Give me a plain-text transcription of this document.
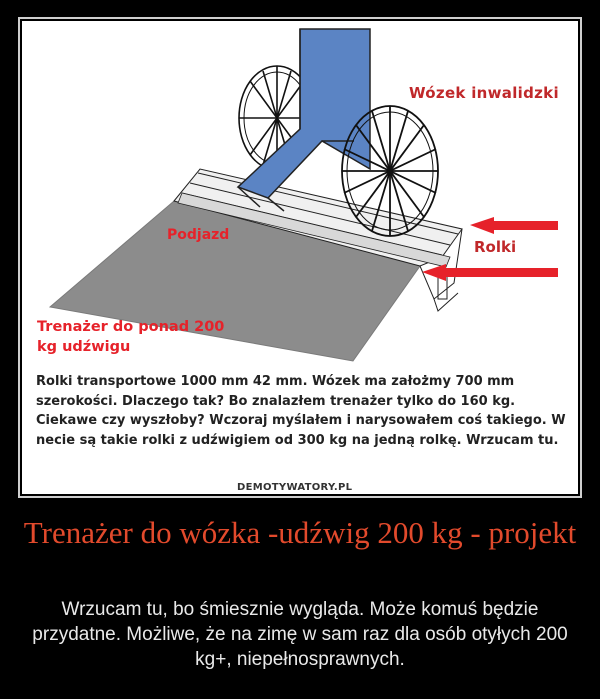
Wózek inwalidzki
Podjazd
Rolki
Trenażer do ponad 200 kg udźwigu
Rolki transportowe 1000 mm 42 mm. Wózek ma założmy 700 mm szerokości. Dlaczego tak? Bo znalazłem trenażer tylko do 160 kg. Ciekawe czy wyszłoby? Wczoraj myślałem i narysowałem coś takiego. W necie są takie rolki z udźwigiem od 300 kg na jedną rolkę. Wrzucam tu.
DEMOTYWATORY.PL
Trenażer do wózka -udźwig 200 kg - projekt
Wrzucam tu, bo śmiesznie wygląda. Może komuś będzie przydatne. Możliwe, że na zimę w sam raz dla osób otyłych 200 kg+, niepełnosprawnych.
